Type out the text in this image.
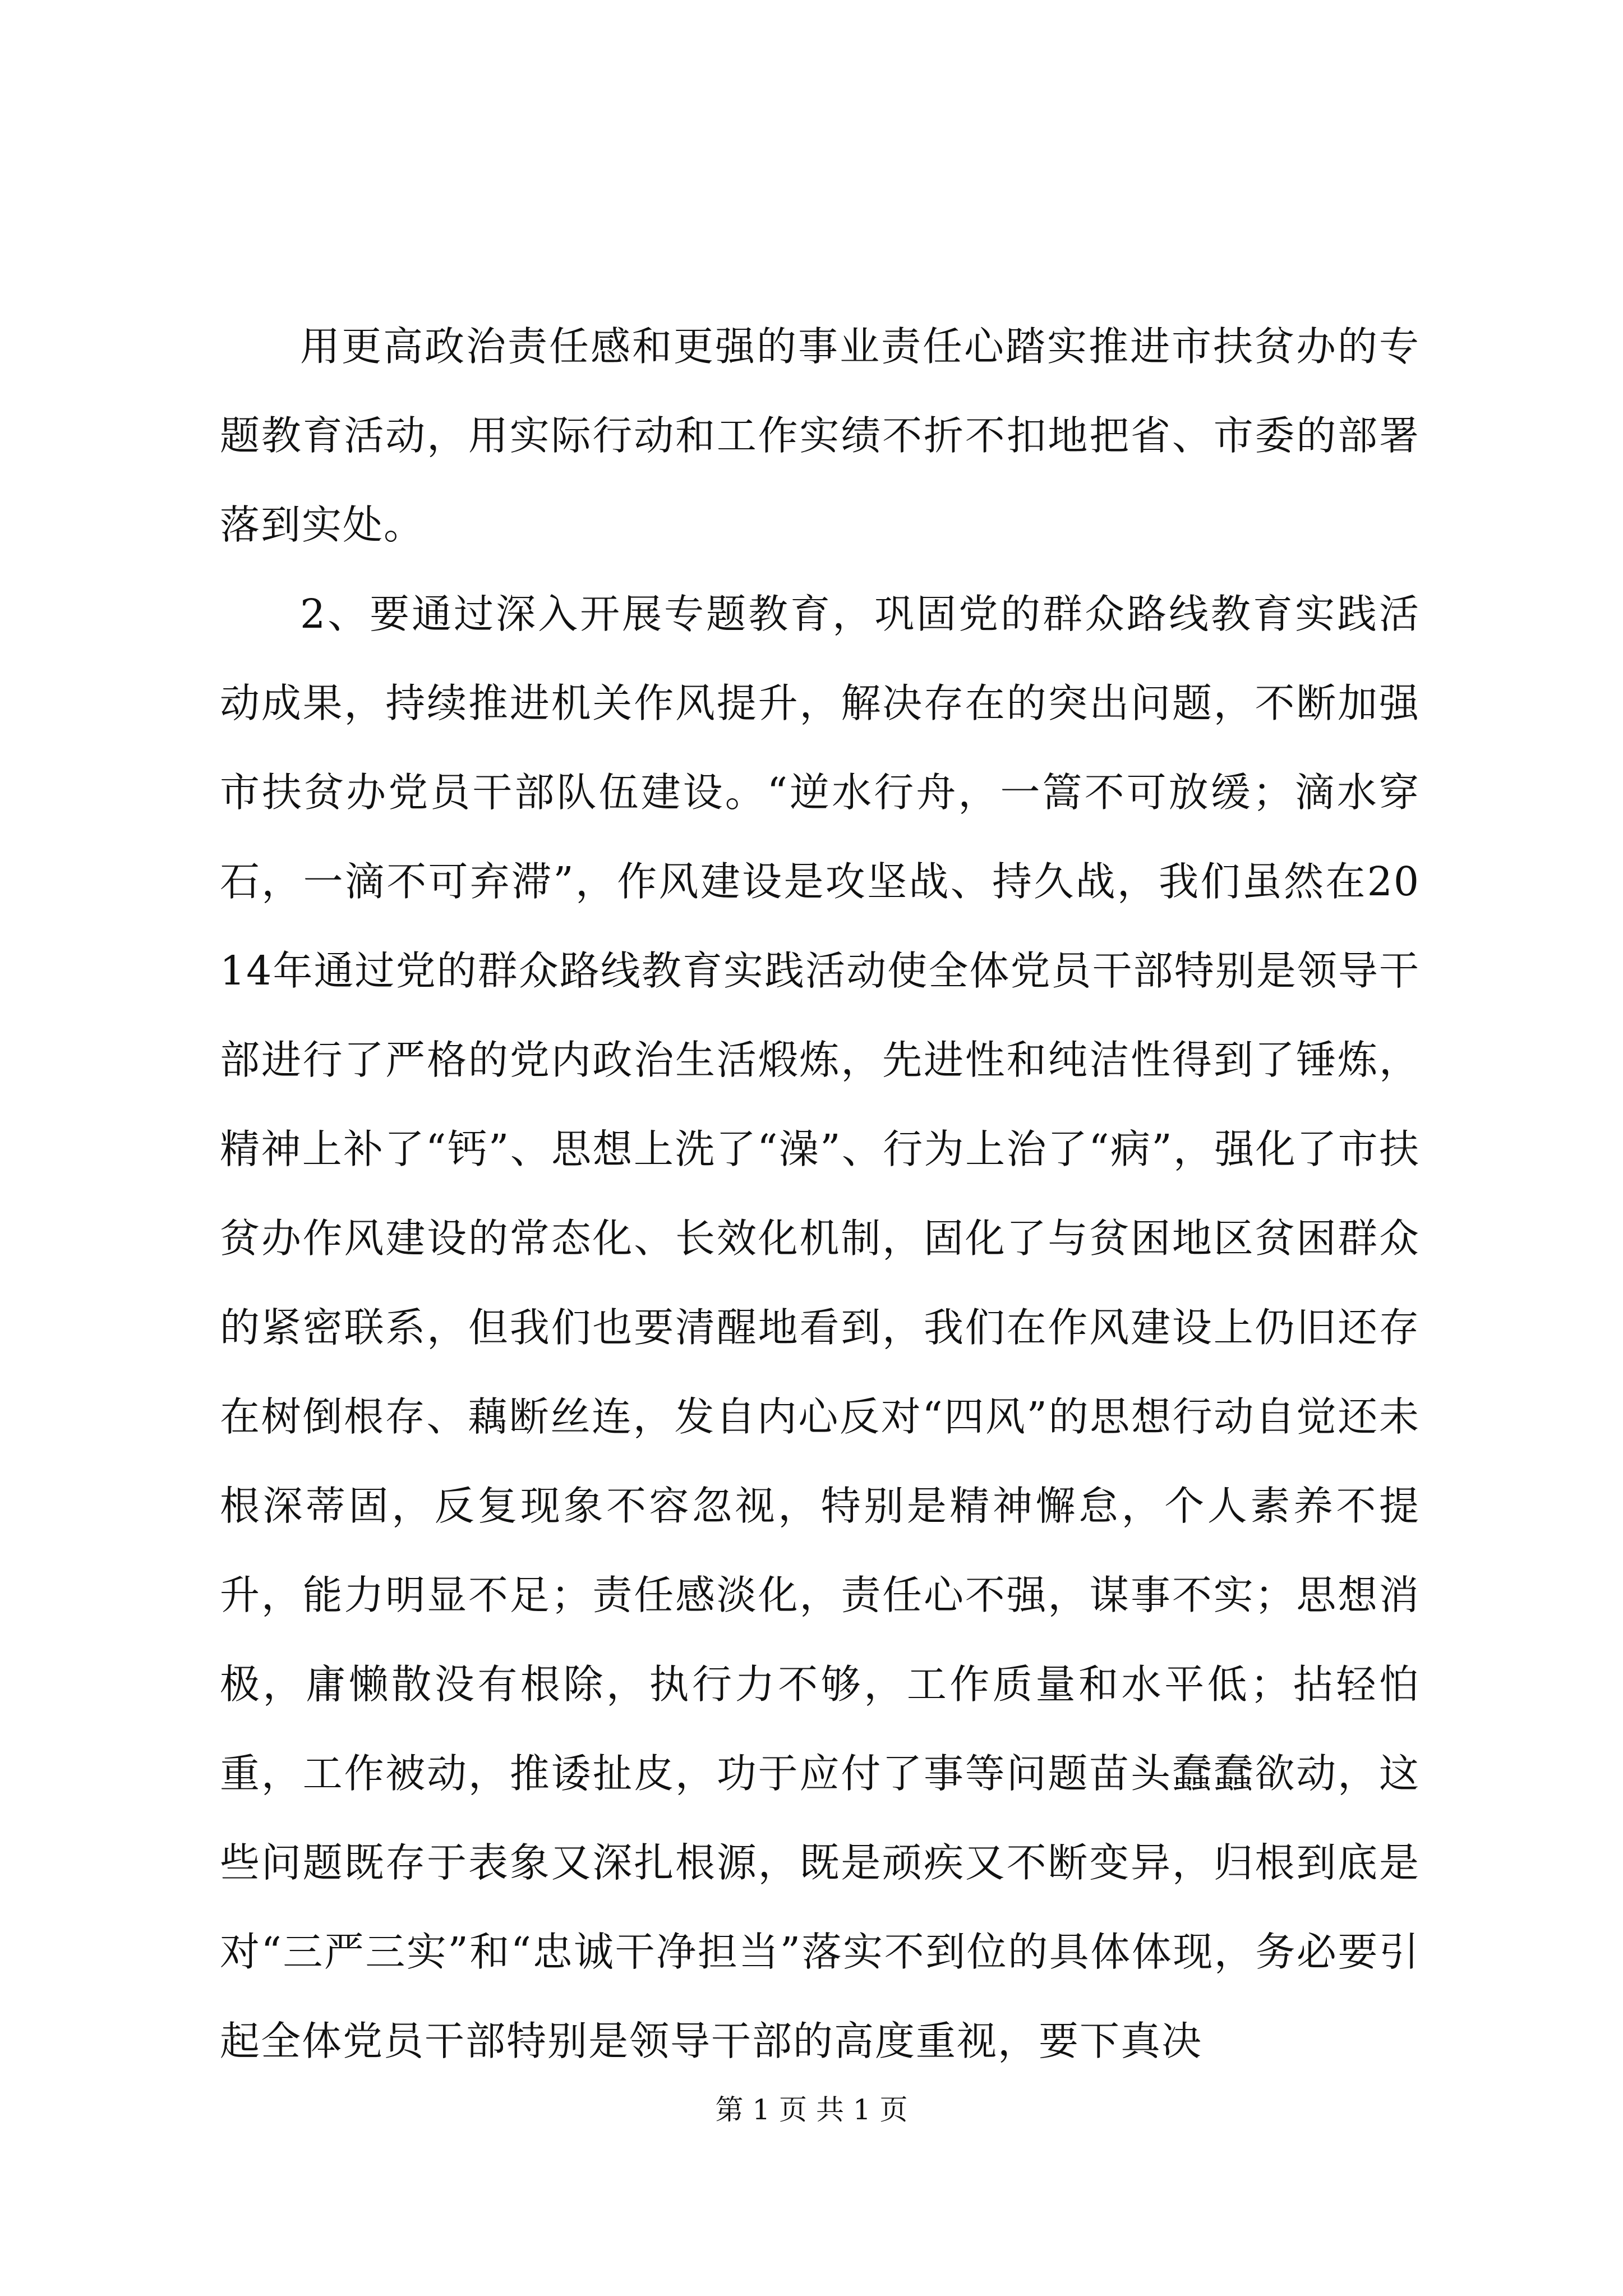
用更高政治责任感和更强的事业责任心踏实推进市扶贫办的专题教育活动，用实际行动和工作实绩不折不扣地把省、市委的部署落到实处。

2、要通过深入开展专题教育，巩固党的群众路线教育实践活动成果，持续推进机关作风提升，解决存在的突出问题，不断加强市扶贫办党员干部队伍建设。“逆水行舟，一篙不可放缓；滴水穿石，一滴不可弃滞”，作风建设是攻坚战、持久战，我们虽然在2014年通过党的群众路线教育实践活动使全体党员干部特别是领导干部进行了严格的党内政治生活煅炼，先进性和纯洁性得到了锤炼，精神上补了“钙”、思想上洗了“澡”、行为上治了“病”，强化了市扶贫办作风建设的常态化、长效化机制，固化了与贫困地区贫困群众的紧密联系，但我们也要清醒地看到，我们在作风建设上仍旧还存在树倒根存、藕断丝连，发自内心反对“四风”的思想行动自觉还未根深蒂固，反复现象不容忽视，特别是精神懈怠，个人素养不提升，能力明显不足；责任感淡化，责任心不强，谋事不实；思想消极，庸懒散没有根除，执行力不够，工作质量和水平低；拈轻怕重，工作被动，推诿扯皮，功于应付了事等问题苗头蠢蠢欲动，这些问题既存于表象又深扎根源，既是顽疾又不断变异，归根到底是对“三严三实”和“忠诚干净担当”落实不到位的具体体现，务必要引起全体党员干部特别是领导干部的高度重视，要下真决

第 1 页 共 1 页
